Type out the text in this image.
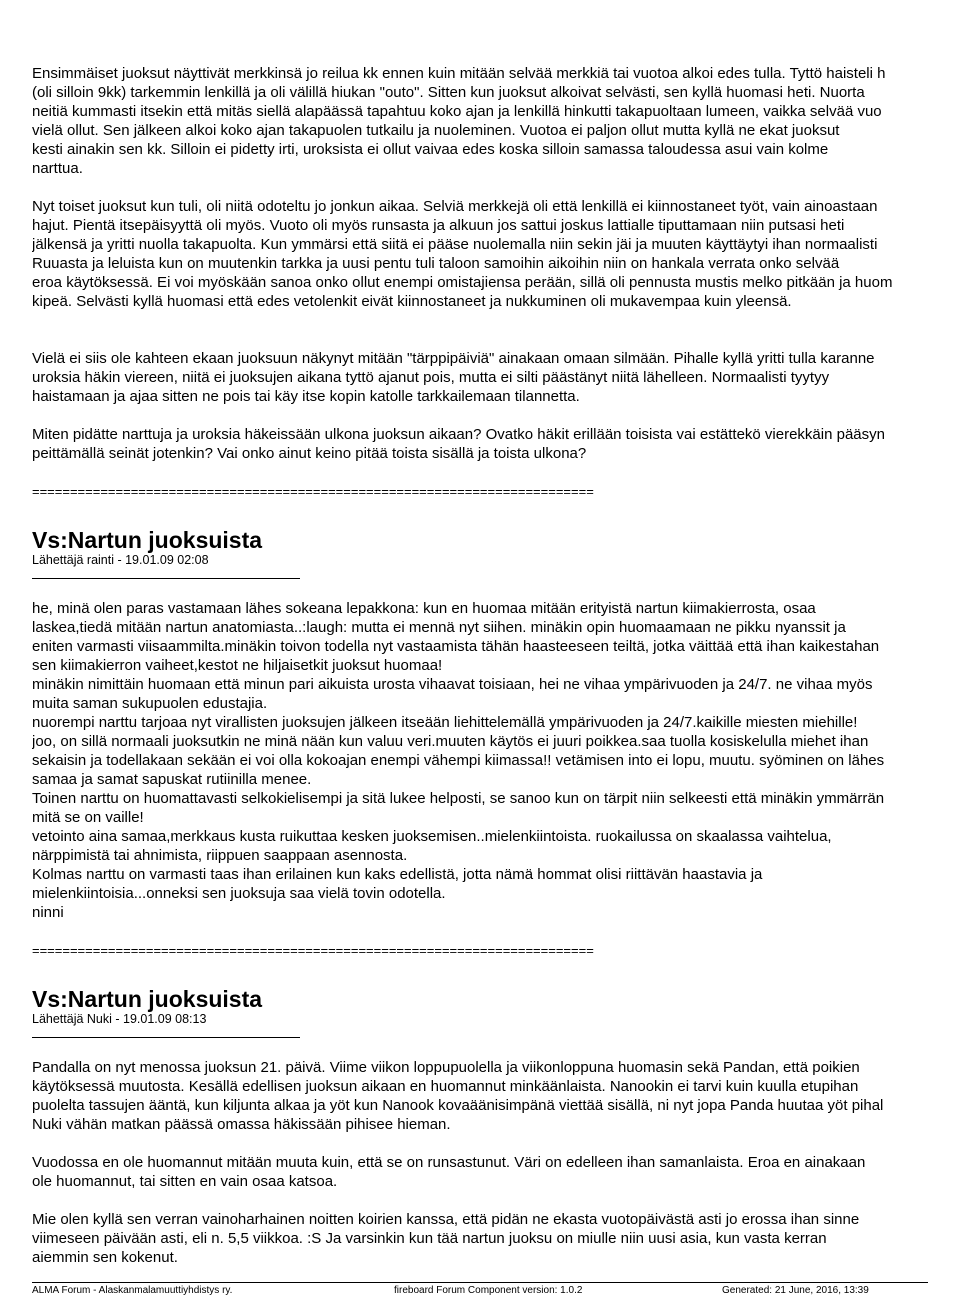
Ensimmäiset juoksut näyttivät merkkinsä jo reilua kk ennen kuin mitään selvää merkkiä tai vuotoa alkoi edes tulla. Tyttö haisteli h

(oli silloin 9kk) tarkemmin lenkillä ja oli välillä hiukan "outo". Sitten kun juoksut alkoivat selvästi, sen kyllä huomasi heti. Nuorta

neitiä kummasti itsekin että mitäs siellä alapäässä tapahtuu koko ajan ja lenkillä hinkutti takapuoltaan lumeen, vaikka selvää vuo

vielä ollut. Sen jälkeen alkoi koko ajan takapuolen tutkailu ja nuoleminen. Vuotoa ei paljon ollut mutta kyllä ne ekat juoksut

kesti ainakin sen kk. Silloin ei pidetty irti, uroksista ei ollut vaivaa edes koska silloin samassa taloudessa asui vain kolme

narttua.

Nyt toiset juoksut kun tuli, oli niitä odoteltu jo jonkun aikaa. Selviä merkkejä oli että lenkillä ei kiinnostaneet työt, vain ainoastaan

hajut. Pientä itsepäisyyttä oli myös. Vuoto oli myös runsasta ja alkuun jos sattui joskus lattialle tiputtamaan niin putsasi heti

jälkensä ja yritti nuolla takapuolta. Kun ymmärsi että siitä ei pääse nuolemalla niin sekin jäi ja muuten käyttäytyi ihan normaalisti

Ruuasta ja leluista kun on muutenkin tarkka ja uusi pentu tuli taloon samoihin aikoihin niin on hankala verrata onko selvää

eroa käytöksessä. Ei voi myöskään sanoa onko ollut enempi omistajiensa perään, sillä oli pennusta mustis melko pitkään ja huom

kipeä. Selvästi kyllä huomasi että edes vetolenkit eivät kiinnostaneet ja nukkuminen oli mukavempaa kuin yleensä.

Vielä ei siis ole kahteen ekaan juoksuun näkynyt mitään "tärppipäiviä" ainakaan omaan silmään. Pihalle kyllä yritti tulla karanne

uroksia häkin viereen, niitä ei juoksujen aikana tyttö ajanut pois, mutta ei silti päästänyt niitä lähelleen. Normaalisti tyytyy

haistamaan ja ajaa sitten ne pois tai käy itse kopin katolle tarkkailemaan tilannetta.

Miten pidätte narttuja ja uroksia häkeissään ulkona juoksun aikaan? Ovatko häkit erillään toisista vai estättekö vierekkäin pääsyn

peittämällä seinät jotenkin? Vai onko ainut keino pitää toista sisällä ja toista ulkona?

==========================================================================
Vs:Nartun juoksuista
Lähettäjä rainti - 19.01.09 02:08

he, minä olen paras vastamaan lähes sokeana lepakkona: kun en huomaa mitään erityistä nartun kiimakierrosta, osaa

laskea,tiedä mitään nartun anatomiasta..:laugh: mutta ei mennä nyt siihen. minäkin opin huomaamaan ne pikku nyanssit ja

eniten varmasti viisaammilta.minäkin toivon todella nyt vastaamista tähän haasteeseen teiltä, jotka väittää että ihan kaikestahan

sen kiimakierron vaiheet,kestot ne hiljaisetkit juoksut huomaa!

minäkin nimittäin huomaan että minun pari aikuista urosta vihaavat toisiaan, hei ne vihaa ympärivuoden ja 24/7. ne vihaa myös

muita saman sukupuolen edustajia.

nuorempi narttu tarjoaa nyt virallisten juoksujen jälkeen itseään liehittelemällä ympärivuoden ja 24/7.kaikille miesten miehille!

joo, on sillä normaali juoksutkin ne minä nään kun valuu veri.muuten käytös ei juuri poikkea.saa tuolla kosiskelulla miehet ihan

sekaisin ja todellakaan sekään ei voi olla kokoajan enempi vähempi kiimassa!! vetämisen into ei lopu, muutu. syöminen on lähes

samaa ja samat sapuskat rutiinilla menee.

Toinen narttu on huomattavasti selkokielisempi ja sitä lukee helposti, se sanoo kun on tärpit niin selkeesti että minäkin ymmärrän

mitä se on vaille!

vetointo aina samaa,merkkaus kusta ruikuttaa kesken juoksemisen..mielenkiintoista. ruokailussa on skaalassa vaihtelua,

närppimistä tai ahnimista, riippuen saappaan asennosta.

Kolmas narttu on varmasti taas ihan erilainen kun kaks edellistä, jotta nämä hommat olisi riittävän haastavia ja

mielenkiintoisia...onneksi sen juoksuja saa vielä tovin odotella.

ninni

==========================================================================
Vs:Nartun juoksuista
Lähettäjä Nuki - 19.01.09 08:13

Pandalla on nyt menossa juoksun 21. päivä. Viime viikon loppupuolella ja viikonloppuna huomasin sekä Pandan, että poikien

käytöksessä muutosta. Kesällä edellisen juoksun aikaan en huomannut minkäänlaista. Nanookin ei tarvi kuin kuulla etupihan

puolelta tassujen ääntä, kun kiljunta alkaa ja yöt kun Nanook kovaäänisimpänä viettää sisällä, ni nyt jopa Panda huutaa yöt pihal

Nuki vähän matkan päässä omassa häkissään pihisee hieman.

Vuodossa en ole huomannut mitään muuta kuin, että se on runsastunut. Väri on edelleen ihan samanlaista. Eroa en ainakaan

ole huomannut, tai sitten en vain osaa katsoa.

Mie olen kyllä sen verran vainoharhainen noitten koirien kanssa, että pidän ne ekasta vuotopäivästä asti jo erossa ihan sinne

viimeseen päivään asti, eli n. 5,5 viikkoa. :S Ja varsinkin kun tää nartun juoksu on miulle niin uusi asia, kun vasta kerran

aiemmin sen kokenut.

ALMA Forum - Alaskanmalamuuttiyhdistys ry.	fireboard Forum Component version: 1.0.2	Generated: 21 June, 2016, 13:39
